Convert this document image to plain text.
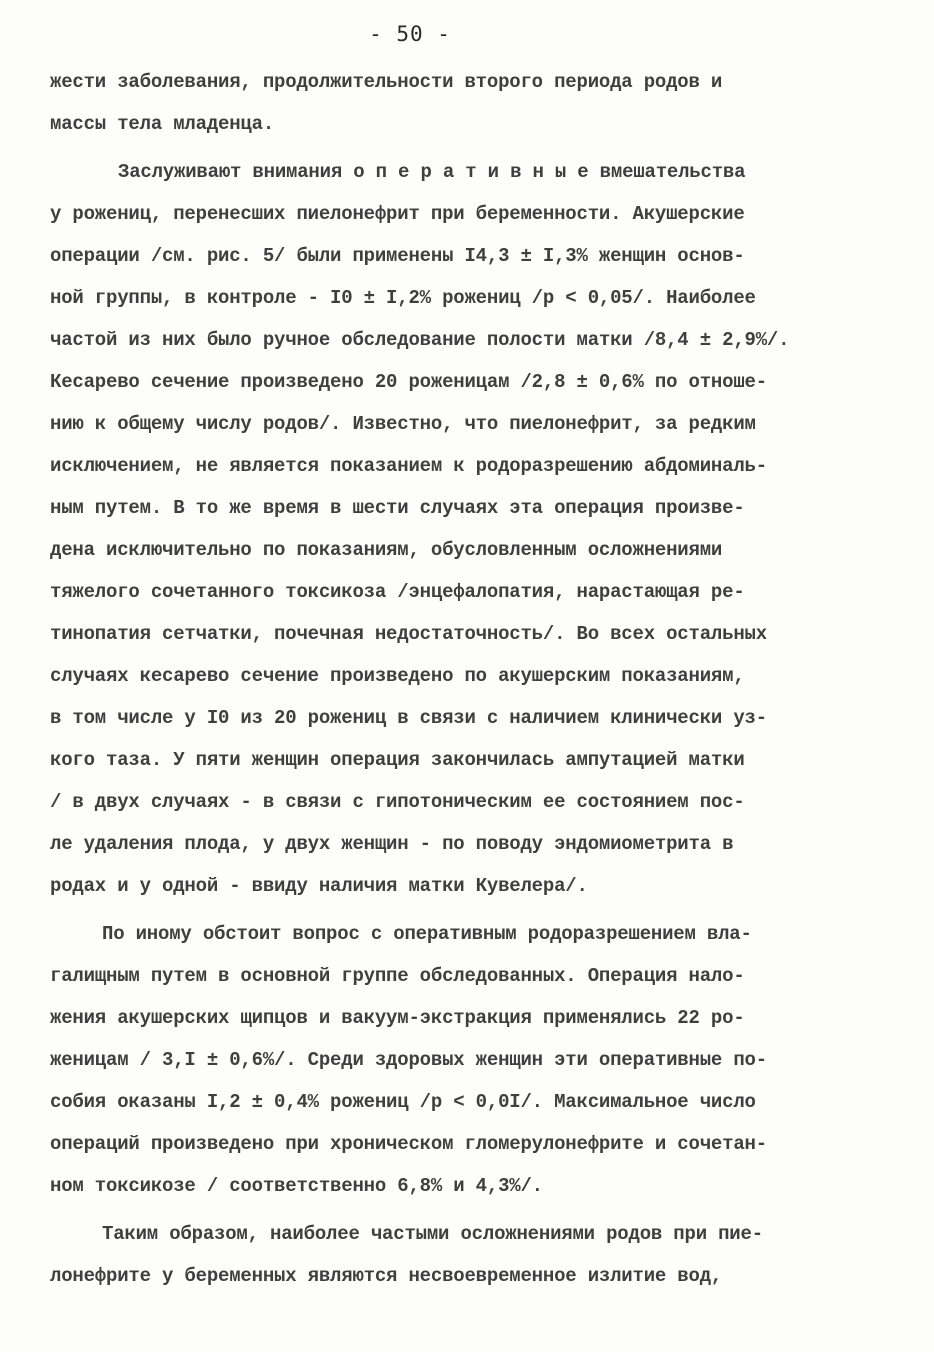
- 50 -
жести заболевания, продолжительности второго периода родов и
массы тела младенца.
Заслуживают внимания о п е р а т и в н ы е вмешательства
у рожениц, перенесших пиелонефрит при беременности. Акушерские
операции /см. рис. 5/ были применены I4,3 ± I,3% женщин основ-
ной группы, в контроле - I0 ± I,2% рожениц /р < 0,05/. Наиболее
частой из них было ручное обследование полости матки /8,4 ± 2,9%/.
Кесарево сечение произведено 20 роженицам /2,8 ± 0,6% по отноше-
нию к общему числу родов/. Известно, что пиелонефрит, за редким
исключением, не является показанием к родоразрешению абдоминаль-
ным путем. В то же время в шести случаях эта операция произве-
дена исключительно по показаниям, обусловленным осложнениями
тяжелого сочетанного токсикоза /энцефалопатия, нарастающая ре-
тинопатия сетчатки, почечная недостаточность/. Во всех остальных
случаях кесарево сечение произведено по акушерским показаниям,
в том числе у I0 из 20 рожениц в связи с наличием клинически уз-
кого таза. У пяти женщин операция закончилась ампутацией матки
/ в двух случаях - в связи с гипотоническим ее состоянием пос-
ле удаления плода, у двух женщин - по поводу эндомиометрита в
родах и у одной - ввиду наличия матки Кувелера/.
По иному обстоит вопрос с оперативным родоразрешением вла-
галищным путем в основной группе обследованных. Операция нало-
жения акушерских щипцов и вакуум-экстракция применялись 22 ро-
женицам / 3,I ± 0,6%/. Среди здоровых женщин эти оперативные по-
собия оказаны I,2 ± 0,4% рожениц /р < 0,0I/. Максимальное число
операций произведено при хроническом гломерулонефрите и сочетан-
ном токсикозе / соответственно 6,8% и 4,3%/.
Таким образом, наиболее частыми осложнениями родов при пие-
лонефрите у беременных являются несвоевременное излитие вод,
